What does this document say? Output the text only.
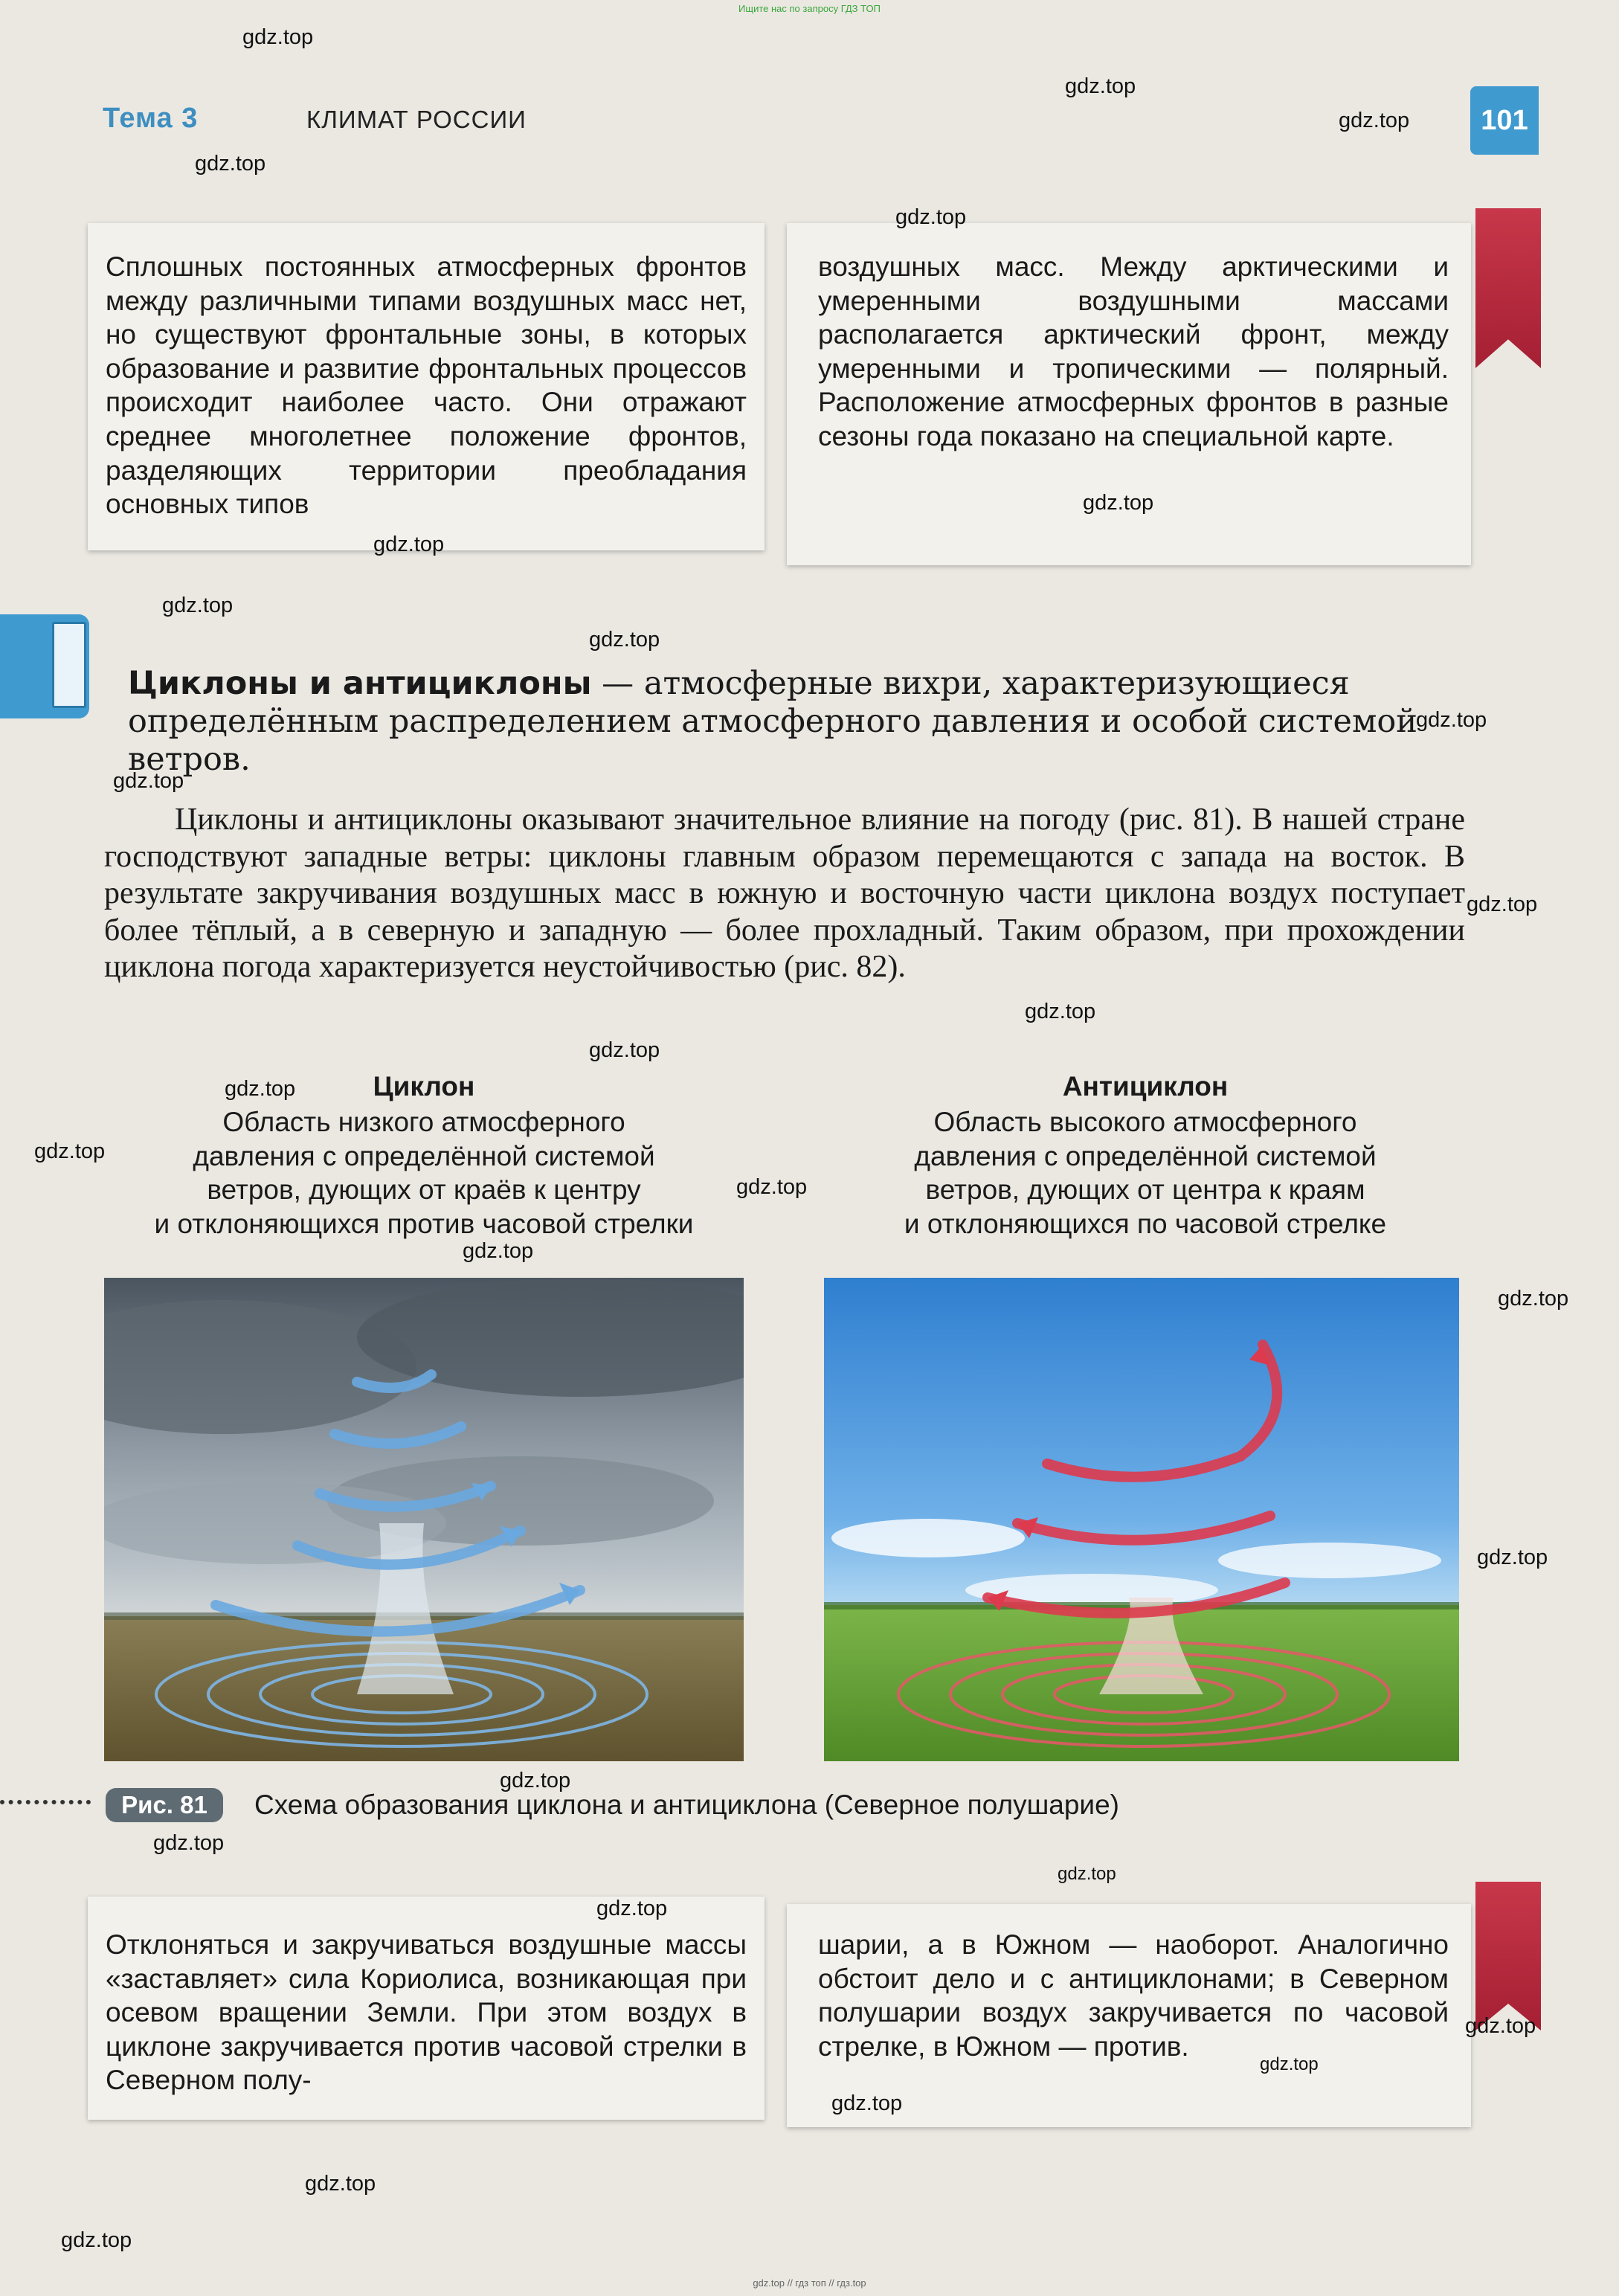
Ищите нас по запросу ГДЗ ТОП
gdz.top // гдз топ // гдз.top
Тема 3	КЛИМАТ РОССИИ	101
Сплошных постоянных атмосферных фронтов между различными типами воздушных масс нет, но существуют фронтальные зоны, в которых образование и развитие фронтальных процессов происходит наиболее часто. Они отражают среднее многолетнее положение фронтов, разделяющих территории преобладания основных типов
воздушных масс. Между арктическими и умеренными воздушными массами располагается арктический фронт, между умеренными и тропическими — полярный. Расположение атмосферных фронтов в разные сезоны года показано на специальной карте.
Циклоны и антициклоны — атмосферные вихри, характеризующиеся определённым распределением атмосферного давления и особой системой ветров.
Циклоны и антициклоны оказывают значительное влияние на погоду (рис. 81). В нашей стране господствуют западные ветры: циклоны главным образом перемещаются с запада на восток. В результате закручивания воздушных масс в южную и восточную части циклона воздух поступает более тёплый, а в северную и западную — более прохладный. Таким образом, при прохождении циклона погода характеризуется неустойчивостью (рис. 82).
Циклон
Область низкого атмосферного
давления с определённой системой
ветров, дующих от краёв к центру
и отклоняющихся против часовой стрелки
Антициклон
Область высокого атмосферного
давления с определённой системой
ветров, дующих от центра к краям
и отклоняющихся по часовой стрелке
Рис. 81	Схема образования циклона и антициклона (Северное полушарие)
Отклоняться и закручиваться воздушные массы «заставляет» сила Кориолиса, возникающая при осевом вращении Земли. При этом воздух в циклоне закручивается против часовой стрелки в Северном полу-
шарии, а в Южном — наоборот. Аналогично обстоит дело и с антициклонами; в Северном полушарии воздух закручивается по часовой стрелке, в Южном — против.
gdz.top
gdz.top
gdz.top
gdz.top
gdz.top
gdz.top
gdz.top
gdz.top
gdz.top
gdz.top
gdz.top
gdz.top
gdz.top
gdz.top
gdz.top
gdz.top
gdz.top
gdz.top
gdz.top
gdz.top
gdz.top
gdz.top
gdz.top
gdz.top
gdz.top
gdz.top
gdz.top
gdz.top
gdz.top
